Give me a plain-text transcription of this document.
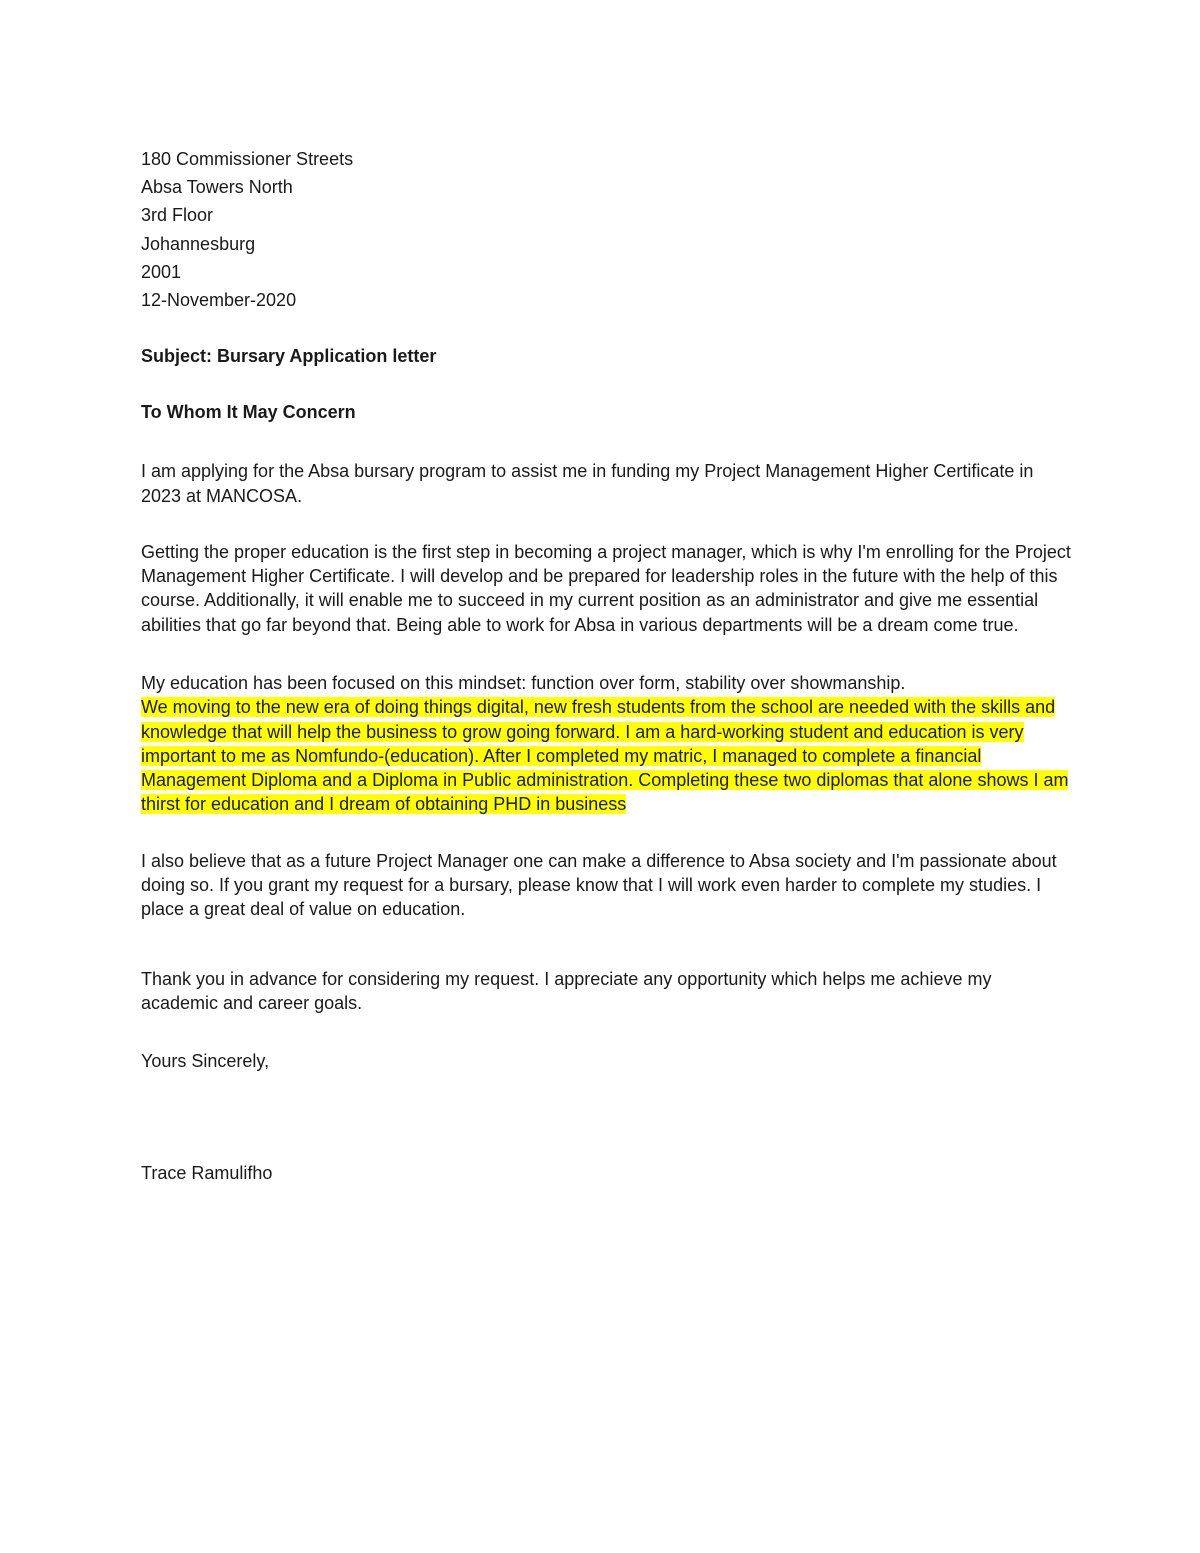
180 Commissioner Streets
Absa Towers North
3rd Floor
Johannesburg
2001
12-November-2020
Subject: Bursary Application letter
To Whom It May Concern

I am applying for the Absa bursary program to assist me in funding my Project Management Higher Certificate in 2023 at MANCOSA.

Getting the proper education is the first step in becoming a project manager, which is why I'm enrolling for the Project Management Higher Certificate. I will develop and be prepared for leadership roles in the future with the help of this course. Additionally, it will enable me to succeed in my current position as an administrator and give me essential abilities that go far beyond that. Being able to work for Absa in various departments will be a dream come true.

My education has been focused on this mindset: function over form, stability over showmanship.

We moving to the new era of doing things digital, new fresh students from the school are needed with the skills and knowledge that will help the business to grow going forward. I am a hard-working student and education is very important to me as Nomfundo-(education). After I completed my matric, I managed to complete a financial Management Diploma and a Diploma in Public administration. Completing these two diplomas that alone shows I am thirst for education and I dream of obtaining PHD in business

I also believe that as a future Project Manager one can make a difference to Absa society and I'm passionate about doing so. If you grant my request for a bursary, please know that I will work even harder to complete my studies. I place a great deal of value on education.

Thank you in advance for considering my request. I appreciate any opportunity which helps me achieve my academic and career goals.

Yours Sincerely,
Trace Ramulifho
